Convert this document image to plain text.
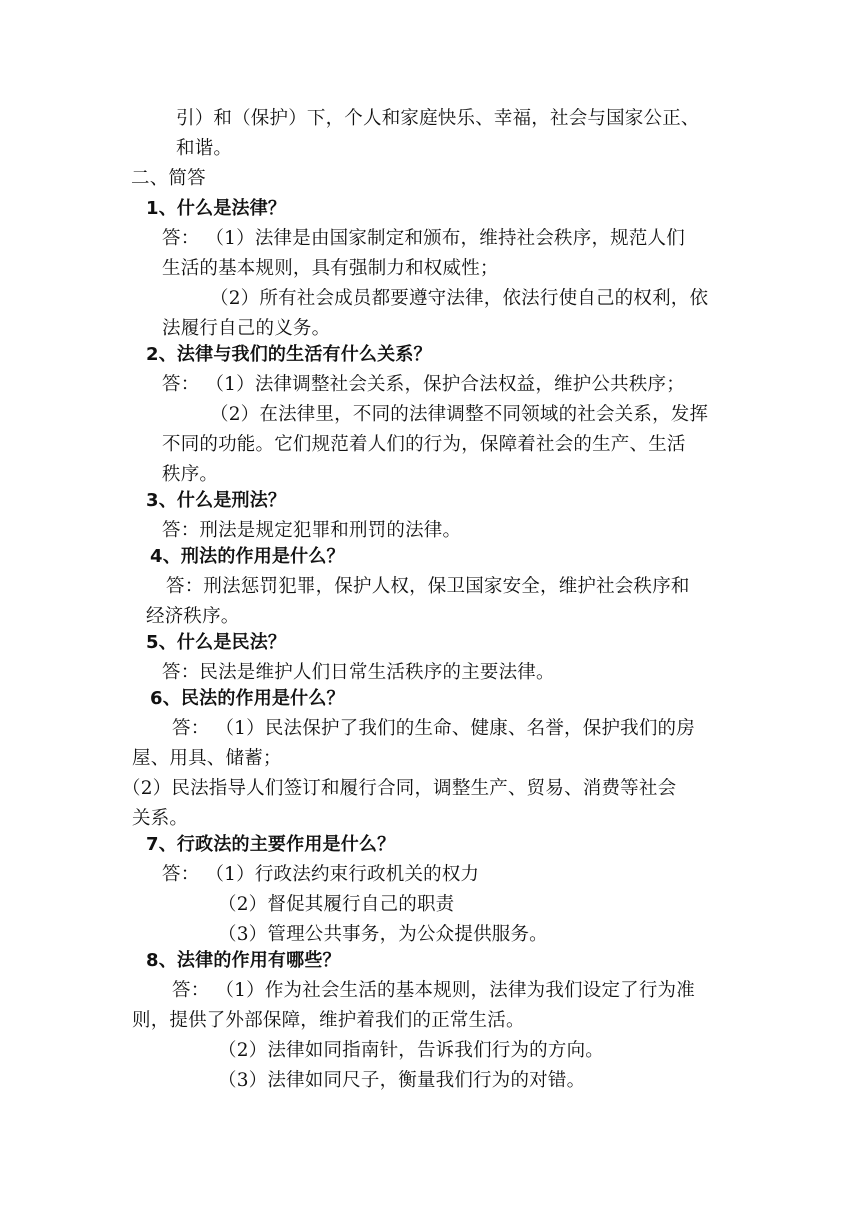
引）和（保护）下，个人和家庭快乐、幸福，社会与国家公正、
和谐。
二、简答
1、什么是法律？
答： （1）法律是由国家制定和颁布，维持社会秩序，规范人们
生活的基本规则，具有强制力和权威性；
（2）所有社会成员都要遵守法律，依法行使自己的权利，依
法履行自己的义务。
2、法律与我们的生活有什么关系？
答： （1）法律调整社会关系，保护合法权益，维护公共秩序；
（2）在法律里，不同的法律调整不同领域的社会关系，发挥
不同的功能。它们规范着人们的行为，保障着社会的生产、生活
秩序。
3、什么是刑法？
答：刑法是规定犯罪和刑罚的法律。
4、刑法的作用是什么？
答：刑法惩罚犯罪，保护人权，保卫国家安全，维护社会秩序和
经济秩序。
5、什么是民法？
答：民法是维护人们日常生活秩序的主要法律。
6、民法的作用是什么？
答： （1）民法保护了我们的生命、健康、名誉，保护我们的房
屋、用具、储蓄；
（2）民法指导人们签订和履行合同，调整生产、贸易、消费等社会
关系。
7、行政法的主要作用是什么？
答： （1）行政法约束行政机关的权力
（2）督促其履行自己的职责
（3）管理公共事务，为公众提供服务。
8、法律的作用有哪些？
答： （1）作为社会生活的基本规则，法律为我们设定了行为准
则，提供了外部保障，维护着我们的正常生活。
（2）法律如同指南针，告诉我们行为的方向。
（3）法律如同尺子，衡量我们行为的对错。
